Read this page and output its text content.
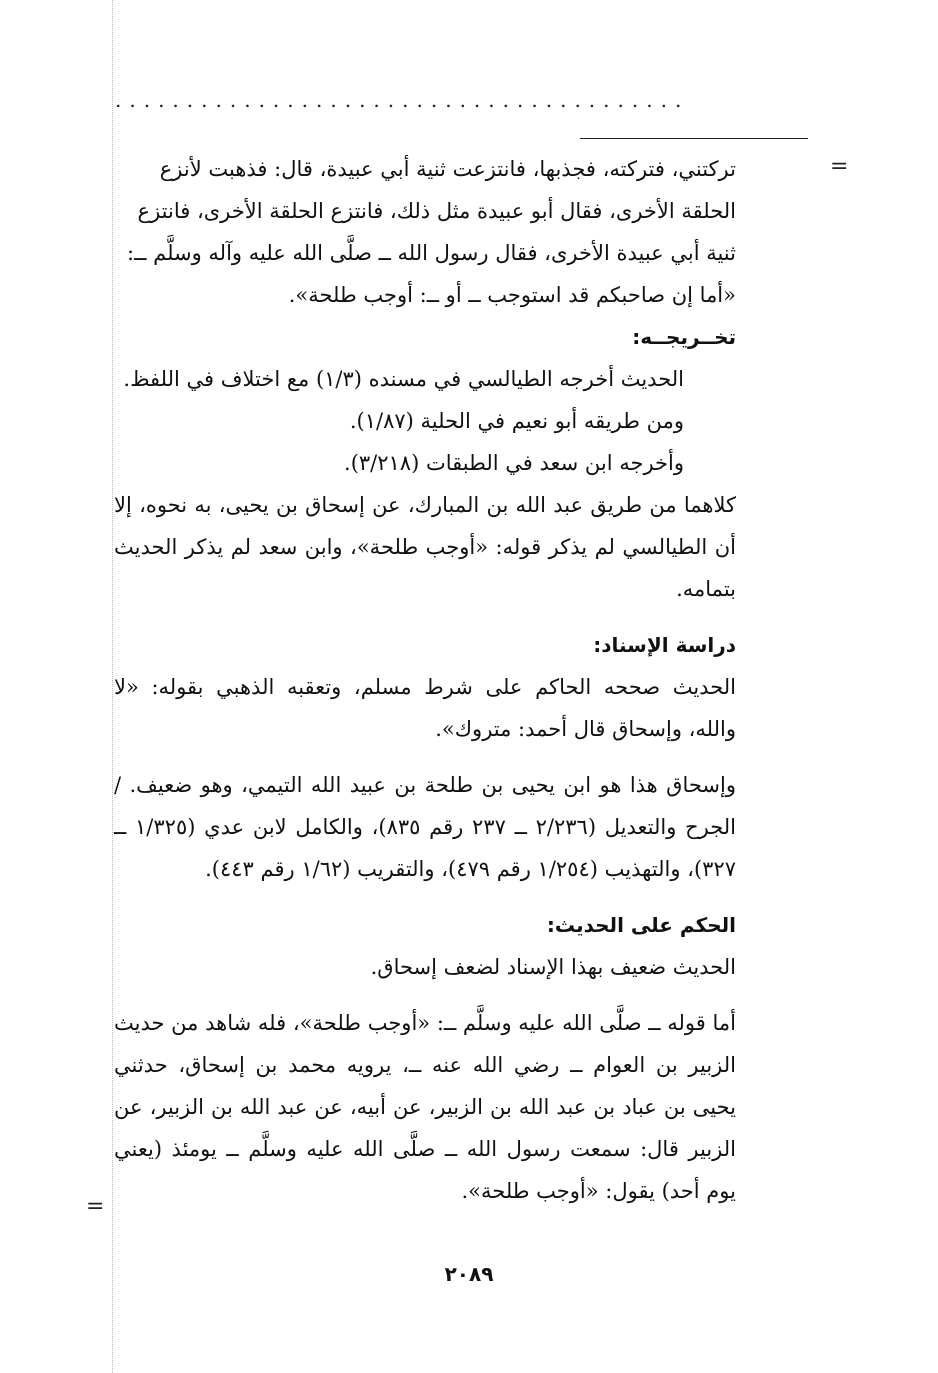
........................................
=
=

تركتني، فتركته، فجذبها، فانتزعت ثنية أبي عبيدة، قال: فذهبت لأنزع

الحلقة الأخرى، فقال أبو عبيدة مثل ذلك، فانتزع الحلقة الأخرى، فانتزع

ثنية أبي عبيدة الأخرى، فقال رسول الله ــ صلَّى الله عليه وآله وسلَّم ــ:

«أما إن صاحبكم قد استوجب ــ أو ــ: أوجب طلحة».

تخــريجــه:

الحديث أخرجه الطيالسي في مسنده (١/٣) مع اختلاف في اللفظ.

ومن طريقه أبو نعيم في الحلية (١/٨٧).

وأخرجه ابن سعد في الطبقات (٣/٢١٨).

كلاهما من طريق عبد الله بن المبارك، عن إسحاق بن يحيى، به نحوه، إلا أن الطيالسي لم يذكر قوله: «أوجب طلحة»، وابن سعد لم يذكر الحديث بتمامه.

دراسة الإسناد:

الحديث صححه الحاكم على شرط مسلم، وتعقبه الذهبي بقوله: «لا والله، وإسحاق قال أحمد: متروك».

وإسحاق هذا هو ابن يحيى بن طلحة بن عبيد الله التيمي، وهو ضعيف. / الجرح والتعديل (٢/٢٣٦ ــ ٢٣٧ رقم ٨٣٥)، والكامل لابن عدي (١/٣٢٥ ــ ٣٢٧)، والتهذيب (١/٢٥٤ رقم ٤٧٩)، والتقريب (١/٦٢ رقم ٤٤٣).

الحكم على الحديث:

الحديث ضعيف بهذا الإسناد لضعف إسحاق.

أما قوله ــ صلَّى الله عليه وسلَّم ــ: «أوجب طلحة»، فله شاهد من حديث الزبير بن العوام ــ رضي الله عنه ــ، يرويه محمد بن إسحاق، حدثني يحيى بن عباد بن عبد الله بن الزبير، عن أبيه، عن عبد الله بن الزبير، عن الزبير قال: سمعت رسول الله ــ صلَّى الله عليه وسلَّم ــ يومئذ (يعني يوم أحد) يقول: «أوجب طلحة».

٢٠٨٩
